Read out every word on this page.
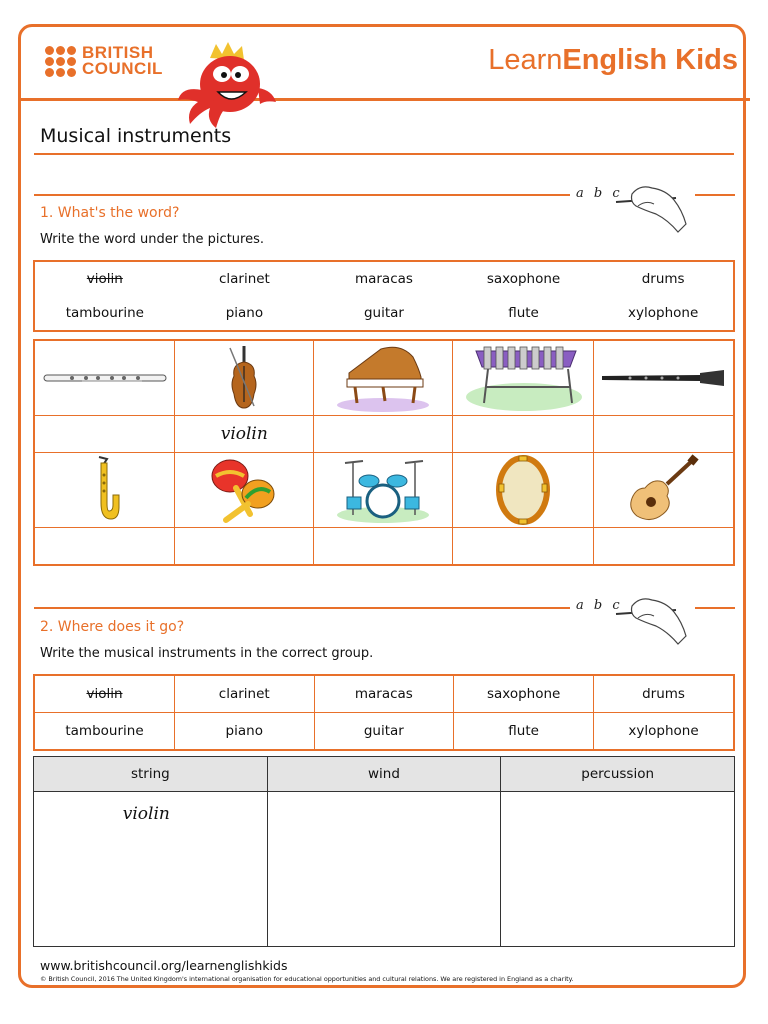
BRITISH
COUNCIL	LearnEnglish Kids
Musical instruments
a b c
1. What's the word?
Write the word under the pictures.
violin	clarinet	maracas	saxophone	drums
tambourine	piano	guitar	flute	xylophone

	violin			

a b c
2. Where does it go?
Write the musical instruments in the correct group.
violin	clarinet	maracas	saxophone	drums
tambourine	piano	guitar	flute	xylophone
string	wind	percussion

violin		

www.britishcouncil.org/learnenglishkids
© British Council, 2016 The United Kingdom's international organisation for educational opportunities and cultural relations. We are registered in England as a charity.
